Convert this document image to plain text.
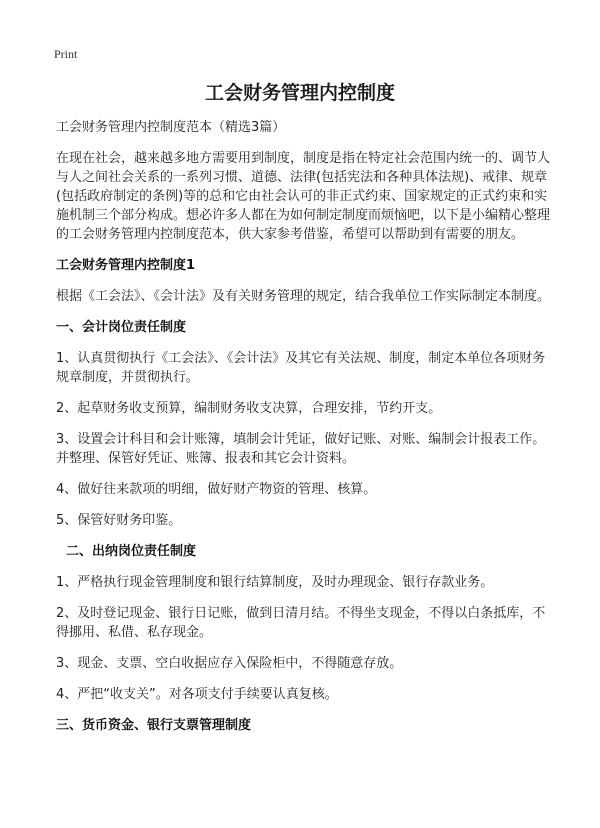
Print
工会财务管理内控制度

工会财务管理内控制度范本（精选3篇）

在现在社会，越来越多地方需要用到制度，制度是指在特定社会范围内统一的、调节人与人之间社会关系的一系列习惯、道德、法律(包括宪法和各种具体法规)、戒律、规章(包括政府制定的条例)等的总和它由社会认可的非正式约束、国家规定的正式约束和实施机制三个部分构成。想必许多人都在为如何制定制度而烦恼吧，以下是小编精心整理的工会财务管理内控制度范本，供大家参考借鉴，希望可以帮助到有需要的朋友。

工会财务管理内控制度1

根据《工会法》、《会计法》及有关财务管理的规定，结合我单位工作实际制定本制度。

一、会计岗位责任制度

1、认真贯彻执行《工会法》、《会计法》及其它有关法规、制度，制定本单位各项财务规章制度，并贯彻执行。

2、起草财务收支预算，编制财务收支决算，合理安排，节约开支。

3、设置会计科目和会计账簿，填制会计凭证，做好记账、对账、编制会计报表工作。并整理、保管好凭证、账簿、报表和其它会计资料。

4、做好往来款项的明细，做好财产物资的管理、核算。

5、保管好财务印鉴。

二、出纳岗位责任制度

1、严格执行现金管理制度和银行结算制度，及时办理现金、银行存款业务。

2、及时登记现金、银行日记账，做到日清月结。不得坐支现金，不得以白条抵库，不得挪用、私借、私存现金。

3、现金、支票、空白收据应存入保险柜中，不得随意存放。

4、严把“收支关”。对各项支付手续要认真复核。

三、货币资金、银行支票管理制度
